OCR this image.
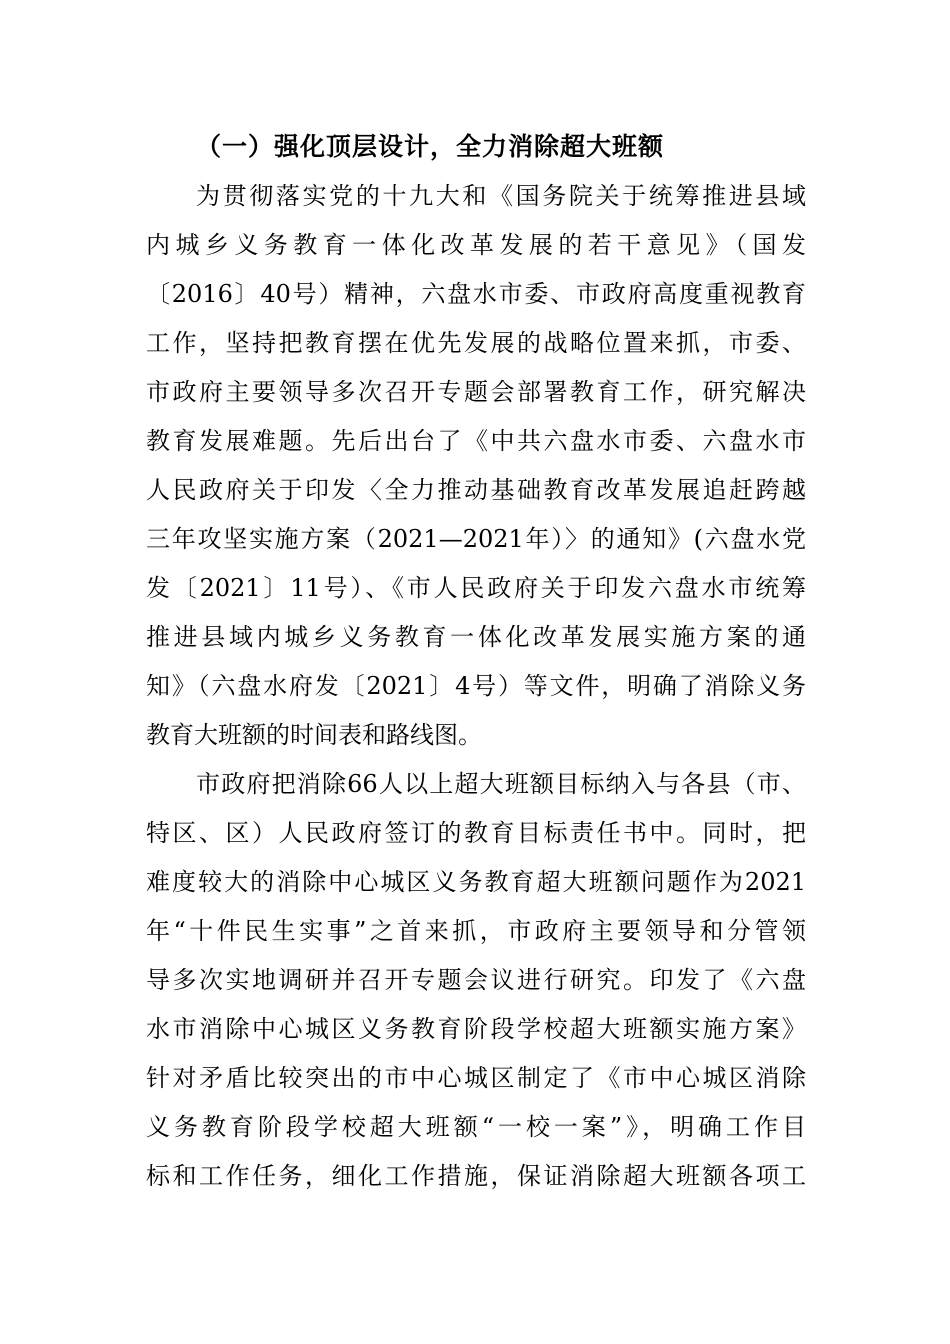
（一）强化顶层设计，全力消除超大班额
为贯彻落实党的十九大和《国务院关于统筹推进县域
内城乡义务教育一体化改革发展的若干意见》（国发
〔2016〕40号）精神，六盘水市委、市政府高度重视教育
工作，坚持把教育摆在优先发展的战略位置来抓，市委、
市政府主要领导多次召开专题会部署教育工作，研究解决
教育发展难题。先后出台了《中共六盘水市委、六盘水市
人民政府关于印发〈全力推动基础教育改革发展追赶跨越
三年攻坚实施方案（2021—2021年）〉的通知》(六盘水党
发〔2021〕11号）、《市人民政府关于印发六盘水市统筹
推进县域内城乡义务教育一体化改革发展实施方案的通
知》（六盘水府发〔2021〕4号）等文件，明确了消除义务
教育大班额的时间表和路线图。
市政府把消除66人以上超大班额目标纳入与各县（市、
特区、区）人民政府签订的教育目标责任书中。同时，把
难度较大的消除中心城区义务教育超大班额问题作为2021
年“十件民生实事”之首来抓，市政府主要领导和分管领
导多次实地调研并召开专题会议进行研究。印发了《六盘
水市消除中心城区义务教育阶段学校超大班额实施方案》
针对矛盾比较突出的市中心城区制定了《市中心城区消除
义务教育阶段学校超大班额“一校一案”》，明确工作目
标和工作任务，细化工作措施，保证消除超大班额各项工
